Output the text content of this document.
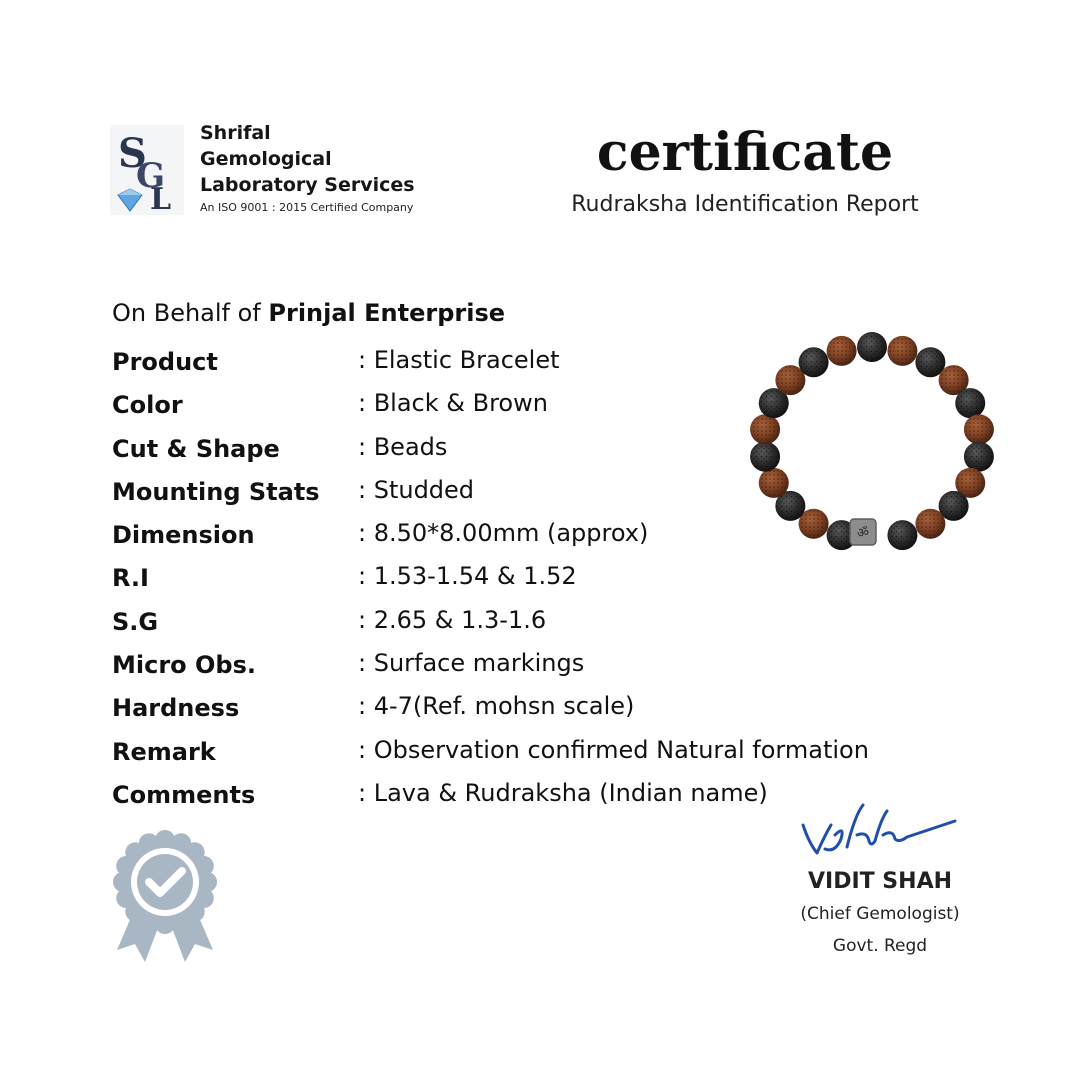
S
G
L
Shrifal
Gemological
Laboratory Services
An ISO 9001 : 2015 Certified Company
certificate
Rudraksha Identification Report
On Behalf of Prinjal Enterprise
Product	: Elastic Bracelet
Color	: Black & Brown
Cut & Shape	: Beads
Mounting Stats : Studded
Dimension	: 8.50*8.00mm (approx)
R.I	: 1.53-1.54 & 1.52
S.G	: 2.65 & 1.3-1.6
Micro Obs.	: Surface markings
Hardness	: 4-7(Ref. mohsn scale)
Remark	: Observation confirmed Natural formation
Comments	: Lava & Rudraksha (Indian name)
ॐ
VIDIT SHAH
(Chief Gemologist)
Govt. Regd
